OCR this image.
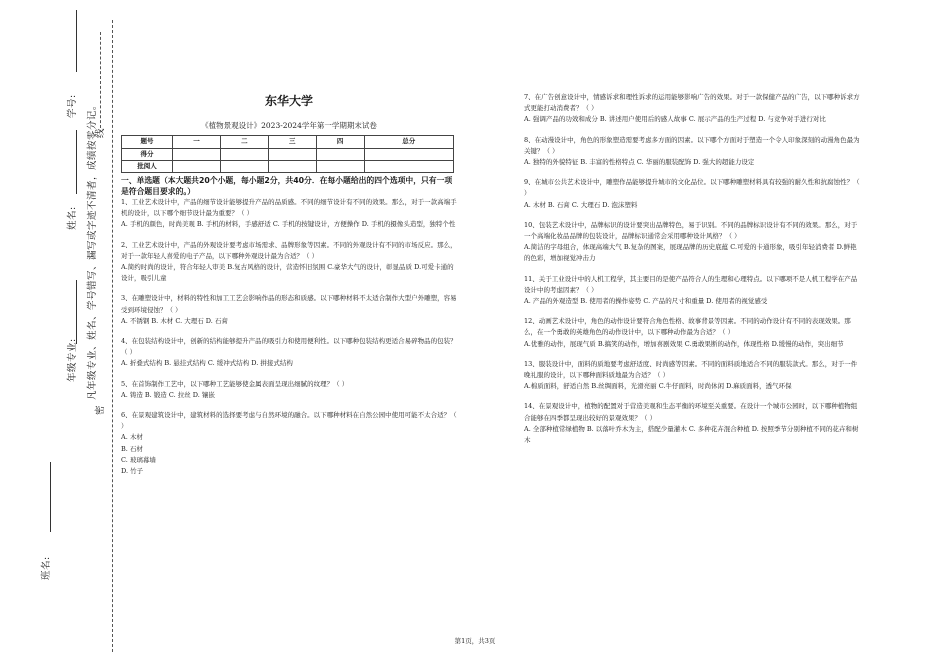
学号:
姓名: 凡年级专业、姓名、学号错写、漏写或字迹不清者，成绩按零分记。
线
密
年级专业:
班名:
东华大学
《植物景观设计》2023-2024学年第一学期期末试卷
题号	一	二	三	四	总分
得分					
批阅人					
一、单选题（本大题共20个小题，每小题2分，共40分．在每小题给出的四个选项中，只有一项是符合题目要求的。）
1、工业艺术设计中，产品的细节设计能够提升产品的品质感。不同的细节设计有不同的效果。那么，对于一款高端手机的设计，以下哪个细节设计最为重要？（ ）
A. 手机的颜色，时尚美观 B. 手机的材料，手感舒适 C. 手机的按键设计，方便操作 D. 手机的摄像头造型，独特个性
2、工业艺术设计中，产品的外观设计要考虑市场需求、品牌形象等因素。不同的外观设计有不同的市场反应。那么，对于一款年轻人喜爱的电子产品，以下哪种外观设计最为合适？（ ）
A.简约时尚的设计，符合年轻人审美 B.复古风格的设计，营造怀旧氛围 C.豪华大气的设计，彰显品质 D.可爱卡通的设计，吸引儿童
3、在雕塑设计中，材料的特性和加工工艺会影响作品的形态和质感。以下哪种材料不太适合制作大型户外雕塑，容易受到环境侵蚀？（ ）
A. 不锈钢 B. 木材 C. 大理石 D. 石膏
4、在包装结构设计中，创新的结构能够提升产品的吸引力和使用便利性。以下哪种包装结构更适合易碎物品的包装？（ ）
A. 折叠式结构 B. 悬挂式结构 C. 缓冲式结构 D. 拼接式结构
5、在首饰制作工艺中，以下哪种工艺能够使金属表面呈现出细腻的纹理？（ ）
A. 铸造 B. 锻造 C. 拉丝 D. 镶嵌
6、在景观建筑设计中，建筑材料的选择要考虑与自然环境的融合。以下哪种材料在自然公园中使用可能不太合适？（ ）
A. 木材
B. 石材
C. 玻璃幕墙
D. 竹子
7、在广告创意设计中，情感诉求和理性诉求的运用能够影响广告的效果。对于一款保健产品的广告，以下哪种诉求方式更能打动消费者？（ ）
A. 强调产品的功效和成分 B. 讲述用户使用后的感人故事 C. 展示产品的生产过程 D. 与竞争对手进行对比
8、在动漫设计中，角色的形象塑造需要考虑多方面的因素。以下哪个方面对于塑造一个令人印象深刻的动漫角色最为关键？（ ）
A. 独特的外貌特征 B. 丰富的性格特点 C. 华丽的服装配饰 D. 强大的超能力设定
9、在城市公共艺术设计中，雕塑作品能够提升城市的文化品位。以下哪种雕塑材料具有较强的耐久性和抗腐蚀性？（ ）
A. 木材 B. 石膏 C. 大理石 D. 泡沫塑料
10、包装艺术设计中，品牌标识的设计要突出品牌特色，易于识别。不同的品牌标识设计有不同的效果。那么，对于一个高端化妆品品牌的包装设计，品牌标识通常会采用哪种设计风格？（ ）
A.简洁的字母组合，体现高端大气 B.复杂的图案，展现品牌的历史底蕴 C.可爱的卡通形象，吸引年轻消费者 D.鲜艳的色彩，增加视觉冲击力
11、关于工业设计中的人机工程学，其主要目的是使产品符合人的生理和心理特点。以下哪项不是人机工程学在产品设计中的考虑因素？（ ）
A. 产品的外观造型 B. 使用者的操作姿势 C. 产品的尺寸和重量 D. 使用者的视觉感受
12、动画艺术设计中，角色的动作设计要符合角色性格、故事背景等因素。不同的动作设计有不同的表现效果。那么，在一个勇敢的英雄角色的动作设计中，以下哪种动作最为合适？（ ）
A.优雅的动作，展现气质 B.搞笑的动作，增加喜剧效果 C.勇敢果断的动作，体现性格 D.缓慢的动作，突出细节
13、服装设计中，面料的质地要考虑舒适度、时尚感等因素。不同的面料质地适合不同的服装款式。那么，对于一件晚礼服的设计，以下哪种面料质地最为合适？（ ）
A.棉质面料，舒适自然 B.丝绸面料，光滑亮丽 C.牛仔面料，时尚休闲 D.麻质面料，透气环保
14、在景观设计中，植物的配置对于营造美观和生态平衡的环境至关重要。在设计一个城市公园时，以下哪种植物组合能够在四季都呈现出较好的景观效果？（ ）
A. 全部种植常绿植物 B. 以落叶乔木为主，搭配少量灌木 C. 多种花卉混合种植 D. 按照季节分别种植不同的花卉和树木
第1页，共3页
